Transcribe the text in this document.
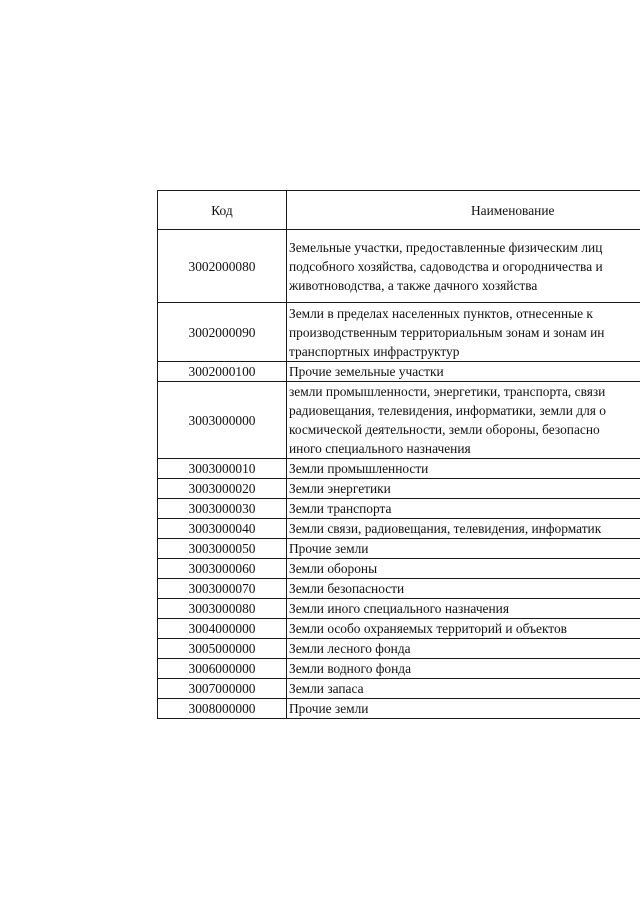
Код	Наименование
3002000080	Земельные участки, предоставленные физическим лиц
подсобного хозяйства, садоводства и огородничества и
животноводства, а также дачного хозяйства

3002000090	Земли в пределах населенных пунктов, отнесенные к
производственным территориальным зонам и зонам ин
транспортных инфраструктур

3002000100	Прочие земельные участки
3003000000	земли промышленности, энергетики, транспорта, связи
радиовещания, телевидения, информатики, земли для о
космической деятельности, земли обороны, безопасно
иного специального назначения

3003000010	Земли промышленности
3003000020	Земли энергетики
3003000030	Земли транспорта
3003000040	Земли связи, радиовещания, телевидения, информатик
3003000050	Прочие земли
3003000060	Земли обороны
3003000070	Земли безопасности
3003000080	Земли иного специального назначения
3004000000	Земли особо охраняемых территорий и объектов
3005000000	Земли лесного фонда
3006000000	Земли водного фонда
3007000000	Земли запаса
3008000000	Прочие земли
